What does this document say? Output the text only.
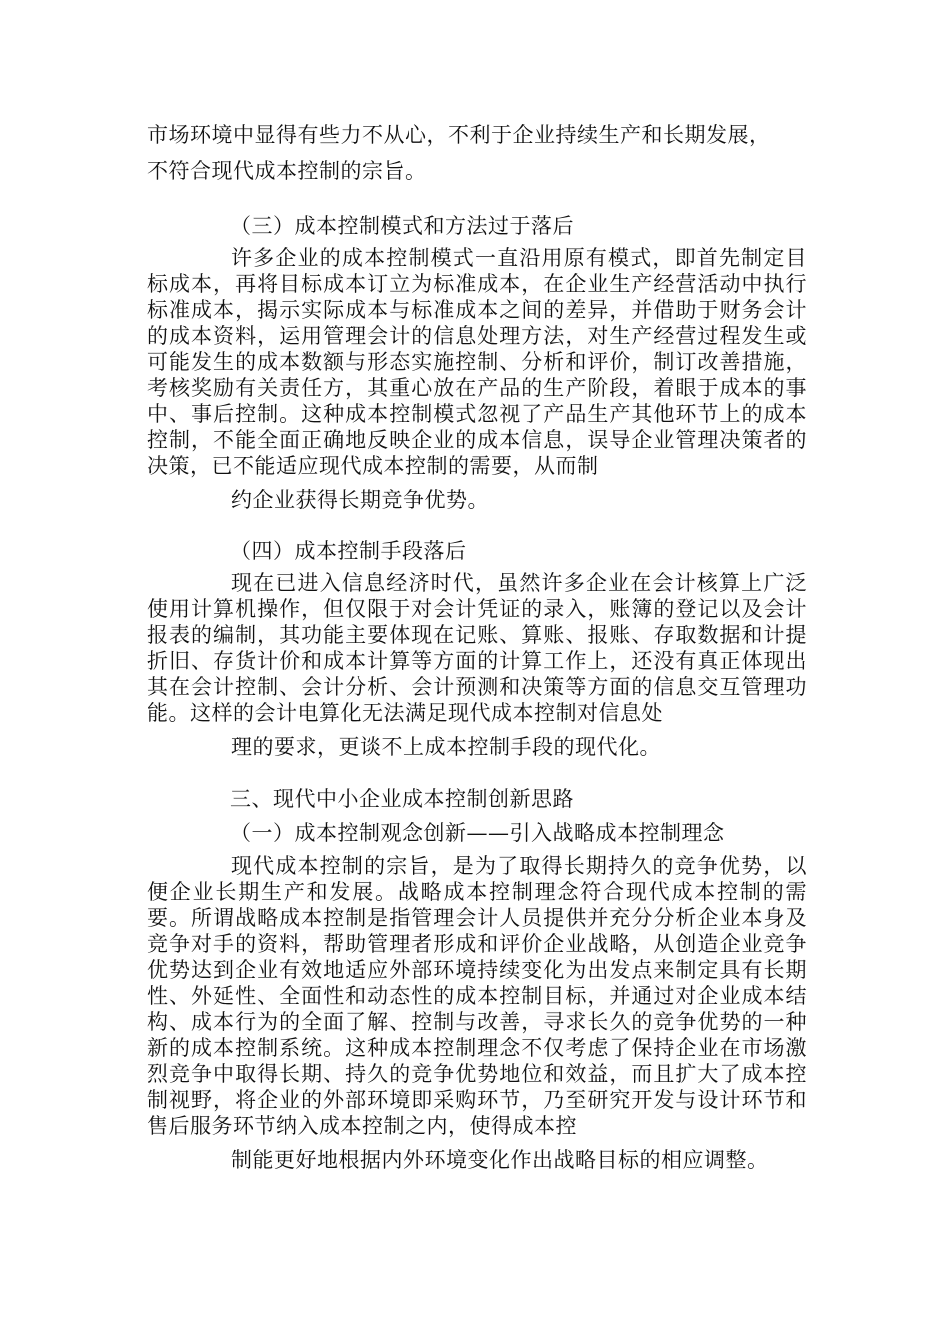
市场环境中显得有些力不从心，不利于企业持续生产和长期发展，
不符合现代成本控制的宗旨。

（三）成本控制模式和方法过于落后

许多企业的成本控制模式一直沿用原有模式，即首先制定目标成本，再将目标成本订立为标准成本，在企业生产经营活动中执行标准成本，揭示实际成本与标准成本之间的差异，并借助于财务会计的成本资料，运用管理会计的信息处理方法，对生产经营过程发生或可能发生的成本数额与形态实施控制、分析和评价，制订改善措施，考核奖励有关责任方，其重心放在产品的生产阶段，着眼于成本的事中、事后控制。这种成本控制模式忽视了产品生产其他环节上的成本控制，不能全面正确地反映企业的成本信息，误导企业管理决策者的决策，已不能适应现代成本控制的需要，从而制
约企业获得长期竞争优势。

（四）成本控制手段落后

现在已进入信息经济时代，虽然许多企业在会计核算上广泛使用计算机操作，但仅限于对会计凭证的录入，账簿的登记以及会计报表的编制，其功能主要体现在记账、算账、报账、存取数据和计提折旧、存货计价和成本计算等方面的计算工作上，还没有真正体现出其在会计控制、会计分析、会计预测和决策等方面的信息交互管理功能。这样的会计电算化无法满足现代成本控制对信息处
理的要求，更谈不上成本控制手段的现代化。

三、现代中小企业成本控制创新思路

（一）成本控制观念创新——引入战略成本控制理念

现代成本控制的宗旨，是为了取得长期持久的竞争优势，以便企业长期生产和发展。战略成本控制理念符合现代成本控制的需要。所谓战略成本控制是指管理会计人员提供并充分分析企业本身及竞争对手的资料，帮助管理者形成和评价企业战略，从创造企业竞争优势达到企业有效地适应外部环境持续变化为出发点来制定具有长期性、外延性、全面性和动态性的成本控制目标，并通过对企业成本结构、成本行为的全面了解、控制与改善，寻求长久的竞争优势的一种新的成本控制系统。这种成本控制理念不仅考虑了保持企业在市场激烈竞争中取得长期、持久的竞争优势地位和效益，而且扩大了成本控制视野，将企业的外部环境即采购环节，乃至研究开发与设计环节和售后服务环节纳入成本控制之内，使得成本控
制能更好地根据内外环境变化作出战略目标的相应调整。
